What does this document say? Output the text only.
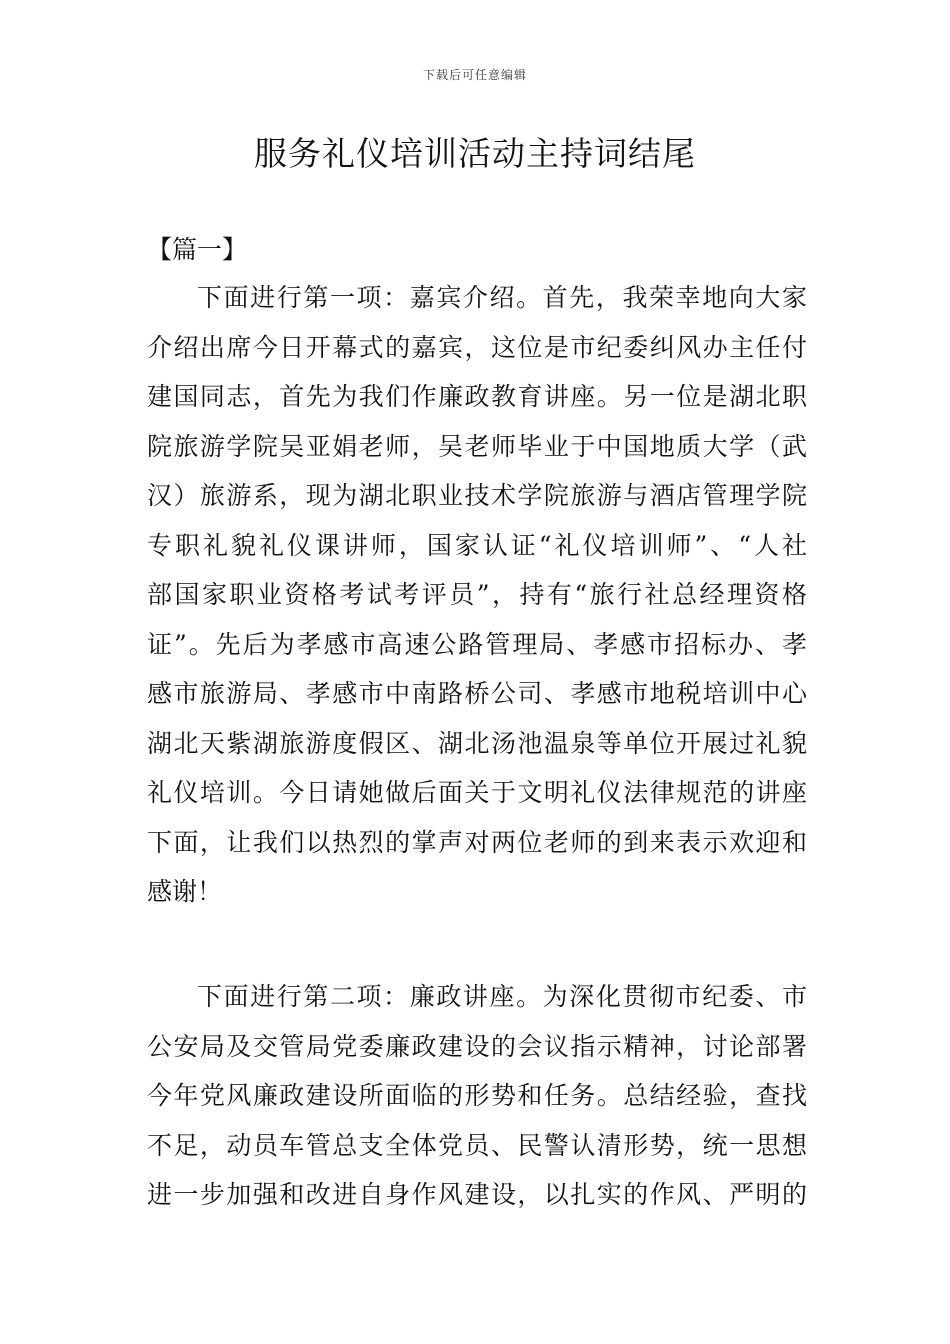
下载后可任意编辑
服务礼仪培训活动主持词结尾

【篇一】

下面进行第一项：嘉宾介绍。首先，我荣幸地向大家

介绍出席今日开幕式的嘉宾，这位是市纪委纠风办主任付

建国同志，首先为我们作廉政教育讲座。另一位是湖北职

院旅游学院吴亚娟老师，吴老师毕业于中国地质大学（武

汉）旅游系，现为湖北职业技术学院旅游与酒店管理学院

专职礼貌礼仪课讲师，国家认证“礼仪培训师”、“人社

部国家职业资格考试考评员”，持有“旅行社总经理资格

证”。先后为孝感市高速公路管理局、孝感市招标办、孝

感市旅游局、孝感市中南路桥公司、孝感市地税培训中心

湖北天紫湖旅游度假区、湖北汤池温泉等单位开展过礼貌

礼仪培训。今日请她做后面关于文明礼仪法律规范的讲座

下面，让我们以热烈的掌声对两位老师的到来表示欢迎和

感谢！

下面进行第二项：廉政讲座。为深化贯彻市纪委、市

公安局及交管局党委廉政建设的会议指示精神，讨论部署

今年党风廉政建设所面临的形势和任务。总结经验，查找

不足，动员车管总支全体党员、民警认清形势，统一思想

进一步加强和改进自身作风建设，以扎实的作风、严明的
